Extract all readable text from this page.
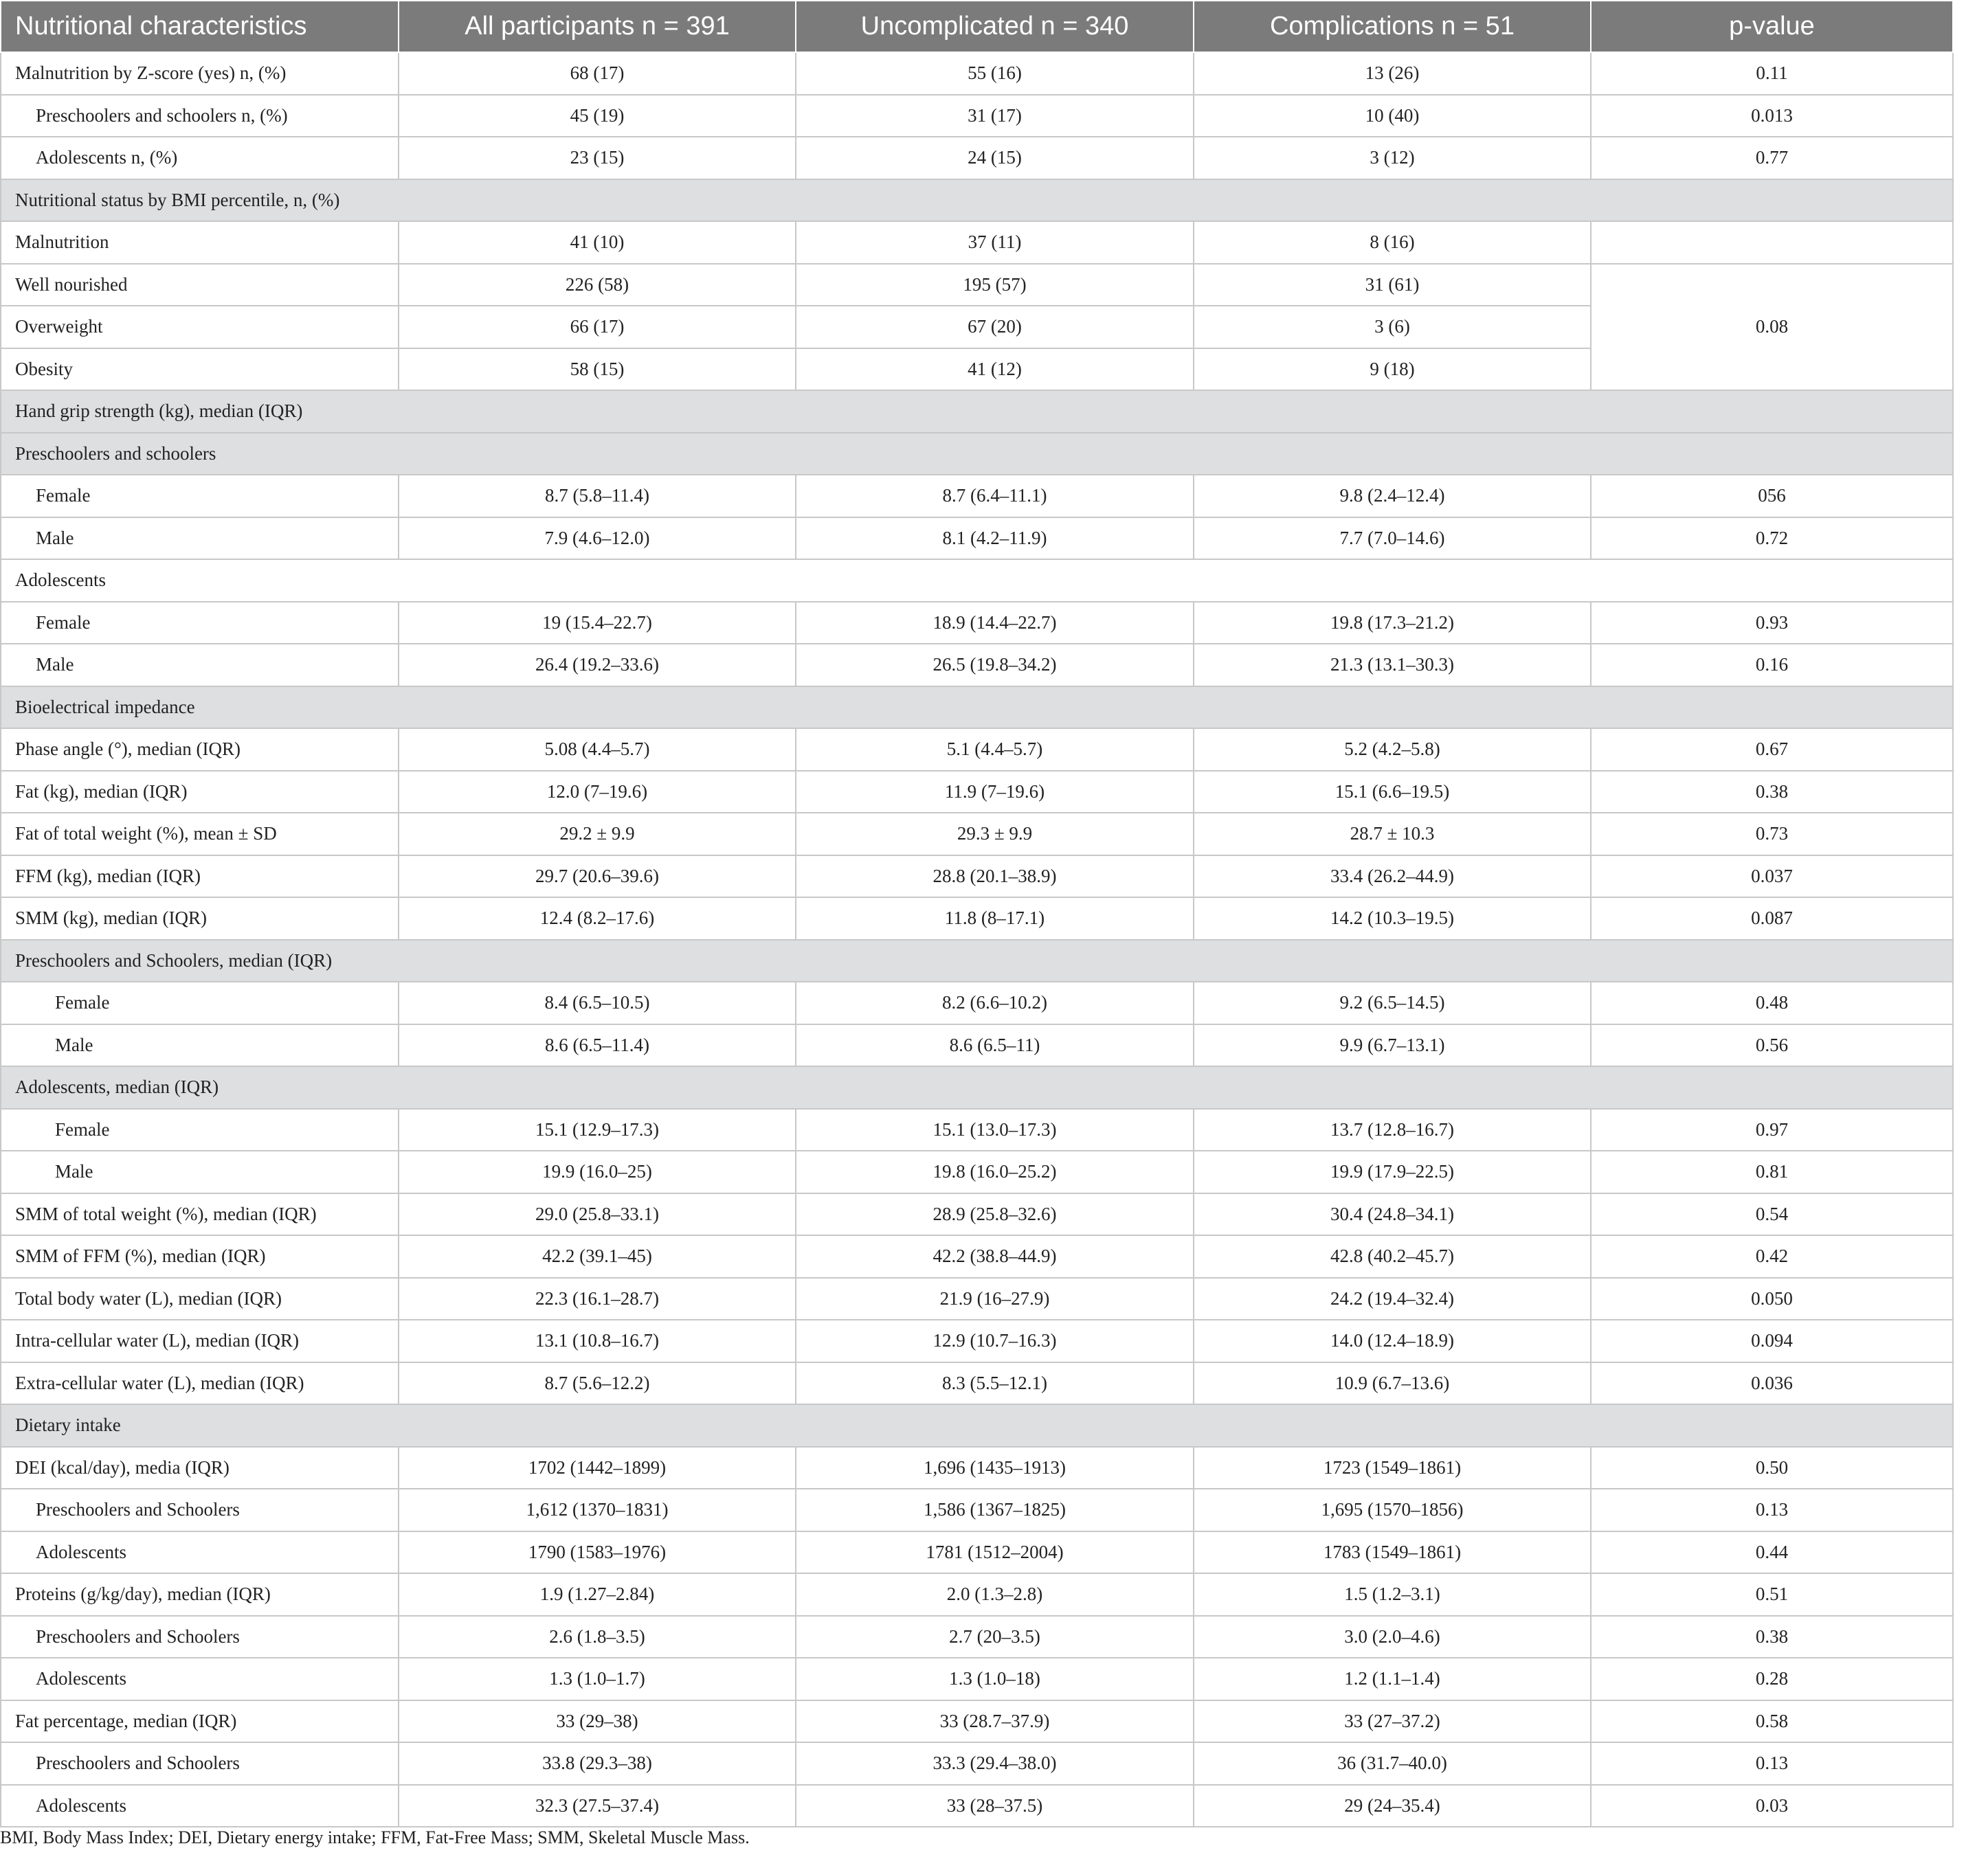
Nutritional characteristics	All participants n = 391	Uncomplicated n = 340	Complications n = 51	p-value
Malnutrition by Z-score (yes) n, (%)	68 (17)	55 (16)	13 (26)	0.11
Preschoolers and schoolers n, (%)	45 (19)	31 (17)	10 (40)	0.013
Adolescents n, (%)	23 (15)	24 (15)	3 (12)	0.77
Nutritional status by BMI percentile, n, (%)				
Malnutrition	41 (10)	37 (11)	8 (16)	
Well nourished	226 (58)	195 (57)	31 (61)	0.08
Overweight	66 (17)	67 (20)	3 (6)	
Obesity	58 (15)	41 (12)	9 (18)	
Hand grip strength (kg), median (IQR)				
Preschoolers and schoolers				
Female	8.7 (5.8–11.4)	8.7 (6.4–11.1)	9.8 (2.4–12.4)	056
Male	7.9 (4.6–12.0)	8.1 (4.2–11.9)	7.7 (7.0–14.6)	0.72
Adolescents				
Female	19 (15.4–22.7)	18.9 (14.4–22.7)	19.8 (17.3–21.2)	0.93
Male	26.4 (19.2–33.6)	26.5 (19.8–34.2)	21.3 (13.1–30.3)	0.16
Bioelectrical impedance				
Phase angle (°), median (IQR)	5.08 (4.4–5.7)	5.1 (4.4–5.7)	5.2 (4.2–5.8)	0.67
Fat (kg), median (IQR)	12.0 (7–19.6)	11.9 (7–19.6)	15.1 (6.6–19.5)	0.38
Fat of total weight (%), mean ± SD	29.2 ± 9.9	29.3 ± 9.9	28.7 ± 10.3	0.73
FFM (kg), median (IQR)	29.7 (20.6–39.6)	28.8 (20.1–38.9)	33.4 (26.2–44.9)	0.037
SMM (kg), median (IQR)	12.4 (8.2–17.6)	11.8 (8–17.1)	14.2 (10.3–19.5)	0.087
Preschoolers and Schoolers, median (IQR)				
Female	8.4 (6.5–10.5)	8.2 (6.6–10.2)	9.2 (6.5–14.5)	0.48
Male	8.6 (6.5–11.4)	8.6 (6.5–11)	9.9 (6.7–13.1)	0.56
Adolescents, median (IQR)				
Female	15.1 (12.9–17.3)	15.1 (13.0–17.3)	13.7 (12.8–16.7)	0.97
Male	19.9 (16.0–25)	19.8 (16.0–25.2)	19.9 (17.9–22.5)	0.81
SMM of total weight (%), median (IQR)	29.0 (25.8–33.1)	28.9 (25.8–32.6)	30.4 (24.8–34.1)	0.54
SMM of FFM (%), median (IQR)	42.2 (39.1–45)	42.2 (38.8–44.9)	42.8 (40.2–45.7)	0.42
Total body water (L), median (IQR)	22.3 (16.1–28.7)	21.9 (16–27.9)	24.2 (19.4–32.4)	0.050
Intra-cellular water (L), median (IQR)	13.1 (10.8–16.7)	12.9 (10.7–16.3)	14.0 (12.4–18.9)	0.094
Extra-cellular water (L), median (IQR)	8.7 (5.6–12.2)	8.3 (5.5–12.1)	10.9 (6.7–13.6)	0.036
Dietary intake				
DEI (kcal/day), media (IQR)	1702 (1442–1899)	1,696 (1435–1913)	1723 (1549–1861)	0.50
Preschoolers and Schoolers	1,612 (1370–1831)	1,586 (1367–1825)	1,695 (1570–1856)	0.13
Adolescents	1790 (1583–1976)	1781 (1512–2004)	1783 (1549–1861)	0.44
Proteins (g/kg/day), median (IQR)	1.9 (1.27–2.84)	2.0 (1.3–2.8)	1.5 (1.2–3.1)	0.51
Preschoolers and Schoolers	2.6 (1.8–3.5)	2.7 (20–3.5)	3.0 (2.0–4.6)	0.38
Adolescents	1.3 (1.0–1.7)	1.3 (1.0–18)	1.2 (1.1–1.4)	0.28
Fat percentage, median (IQR)	33 (29–38)	33 (28.7–37.9)	33 (27–37.2)	0.58
Preschoolers and Schoolers	33.8 (29.3–38)	33.3 (29.4–38.0)	36 (31.7–40.0)	0.13
Adolescents	32.3 (27.5–37.4)	33 (28–37.5)	29 (24–35.4)	0.03
BMI, Body Mass Index; DEI, Dietary energy intake; FFM, Fat-Free Mass; SMM, Skeletal Muscle Mass.
